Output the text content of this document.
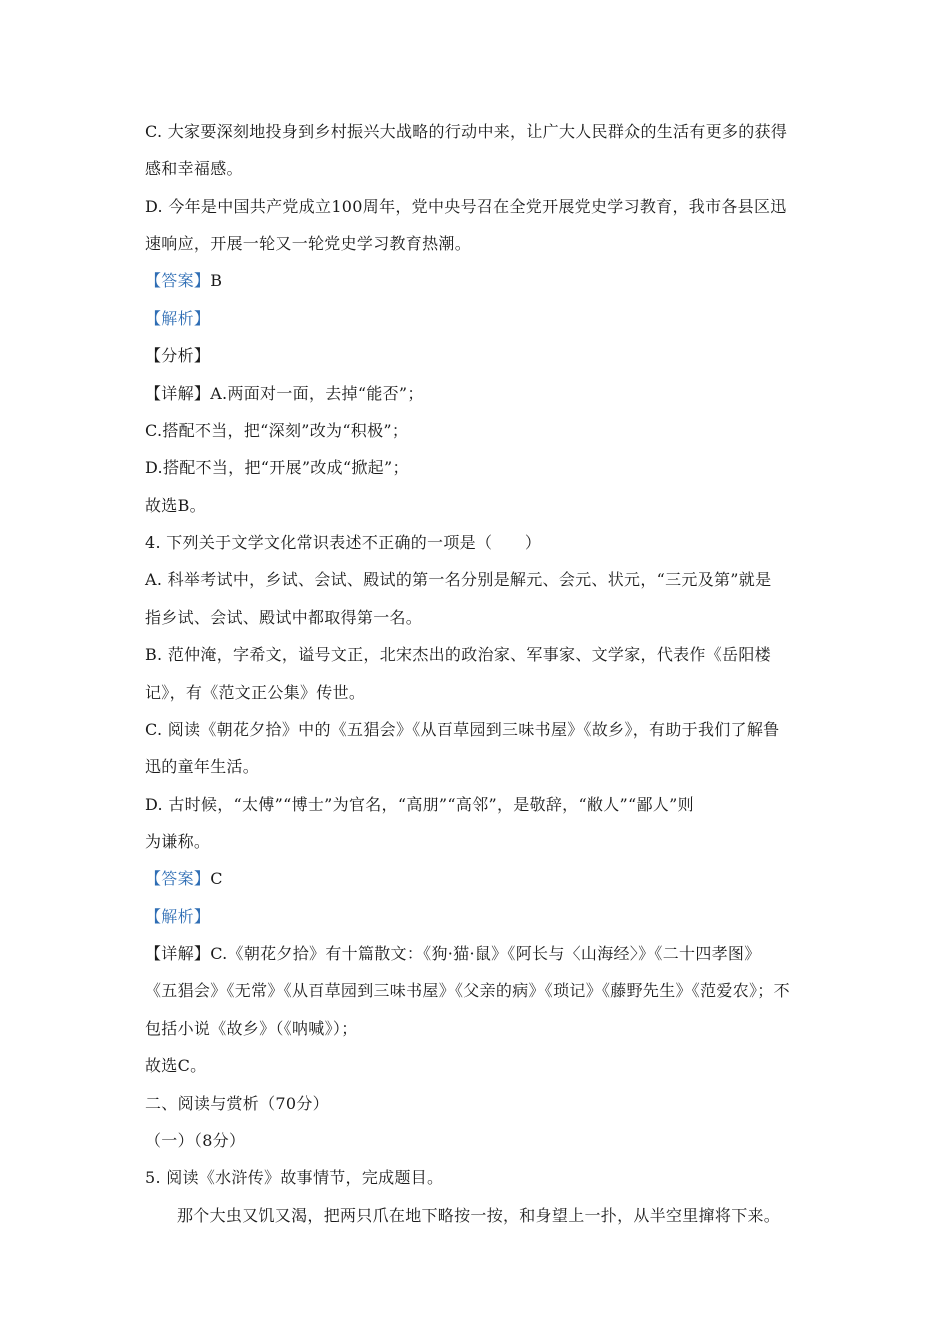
C. 大家要深刻地投身到乡村振兴大战略的行动中来，让广大人民群众的生活有更多的获得
感和幸福感。
D. 今年是中国共产党成立100周年，党中央号召在全党开展党史学习教育，我市各县区迅
速响应，开展一轮又一轮党史学习教育热潮。
【答案】B
【解析】
【分析】
【详解】A.两面对一面，去掉“能否”；
C.搭配不当，把“深刻”改为“积极”；
D.搭配不当，把“开展”改成“掀起”；
故选B。
4. 下列关于文学文化常识表述不正确的一项是（　　）
A. 科举考试中，乡试、会试、殿试的第一名分别是解元、会元、状元，“三元及第”就是
指乡试、会试、殿试中都取得第一名。
B. 范仲淹，字希文，谥号文正，北宋杰出的政治家、军事家、文学家，代表作《岳阳楼
记》，有《范文正公集》传世。
C. 阅读《朝花夕拾》中的《五猖会》《从百草园到三味书屋》《故乡》，有助于我们了解鲁
迅的童年生活。
D. 古时候，“太傅”“博士”为官名，“高朋”“高邻”，是敬辞，“敝人”“鄙人”则
为谦称。
【答案】C
【解析】
【详解】C.《朝花夕拾》有十篇散文：《狗·猫·鼠》《阿长与〈山海经〉》《二十四孝图》
《五猖会》《无常》《从百草园到三味书屋》《父亲的病》《琐记》《藤野先生》《范爱农》；不
包括小说《故乡》（《呐喊》）；
故选C。
二、阅读与赏析（70分）
（一）（8分）
5. 阅读《水浒传》故事情节，完成题目。
那个大虫又饥又渴，把两只爪在地下略按一按，和身望上一扑，从半空里撺将下来。
